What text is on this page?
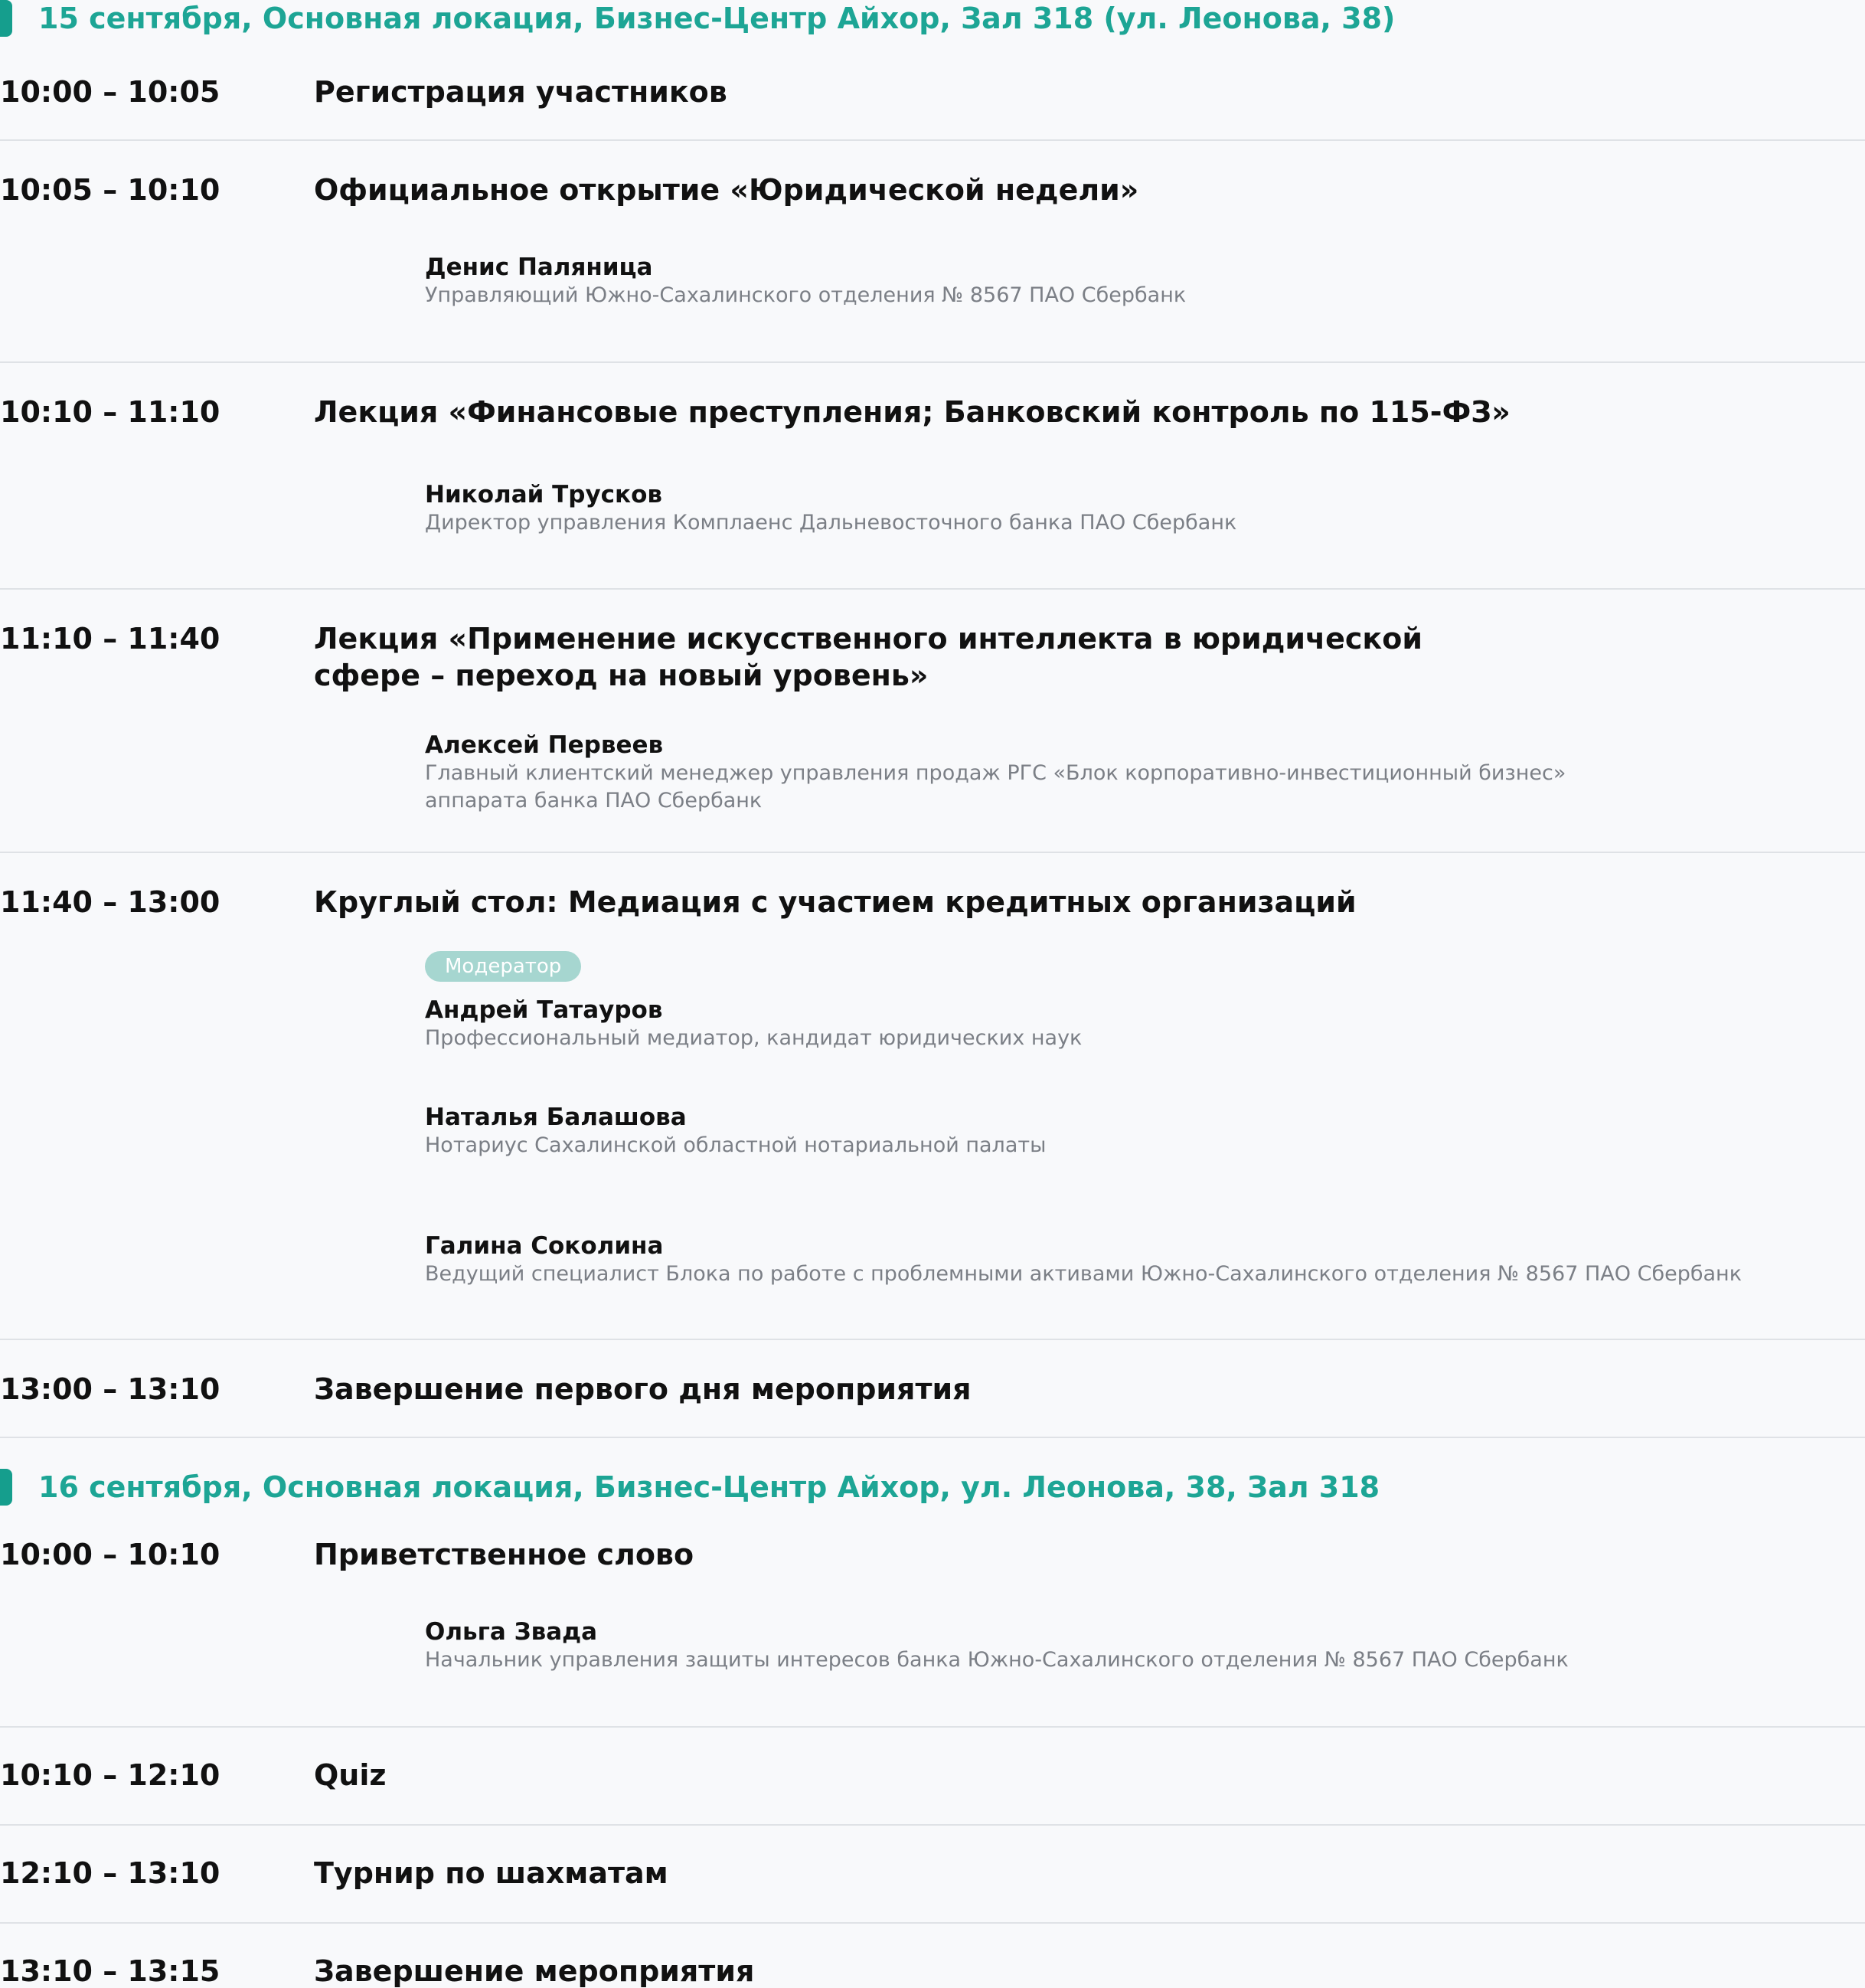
15 сентября, Основная локация, Бизнес-Центр Айхор, Зал 318 (ул. Леонова, 38)
10:00 – 10:05	Регистрация участников
10:05 – 10:10	Официальное открытие «Юридической недели»
Денис Паляница
Управляющий Южно-Сахалинского отделения № 8567 ПАО Сбербанк
10:10 – 11:10	Лекция «Финансовые преступления; Банковский контроль по 115-ФЗ»
Николай Трусков
Директор управления Комплаенс Дальневосточного банка ПАО Сбербанк
11:10 – 11:40	Лекция «Применение искусственного интеллекта в юридической сфере – переход на новый уровень»
Алексей Первеев
Главный клиентский менеджер управления продаж РГС «Блок корпоративно-инвестиционный бизнес» аппарата банка ПАО Сбербанк
11:40 – 13:00	Круглый стол: Медиация с участием кредитных организаций
Модератор
Андрей Татауров
Профессиональный медиатор, кандидат юридических наук
Наталья Балашова
Нотариус Сахалинской областной нотариальной палаты
Галина Соколина
Ведущий специалист Блока по работе с проблемными активами Южно-Сахалинского отделения № 8567 ПАО Сбербанк
13:00 – 13:10	Завершение первого дня мероприятия
16 сентября, Основная локация, Бизнес-Центр Айхор, ул. Леонова, 38, Зал 318
10:00 – 10:10	Приветственное слово
Ольга Звада
Начальник управления защиты интересов банка Южно-Сахалинского отделения № 8567 ПАО Сбербанк
10:10 – 12:10	Quiz
12:10 – 13:10	Турнир по шахматам
13:10 – 13:15	Завершение мероприятия
